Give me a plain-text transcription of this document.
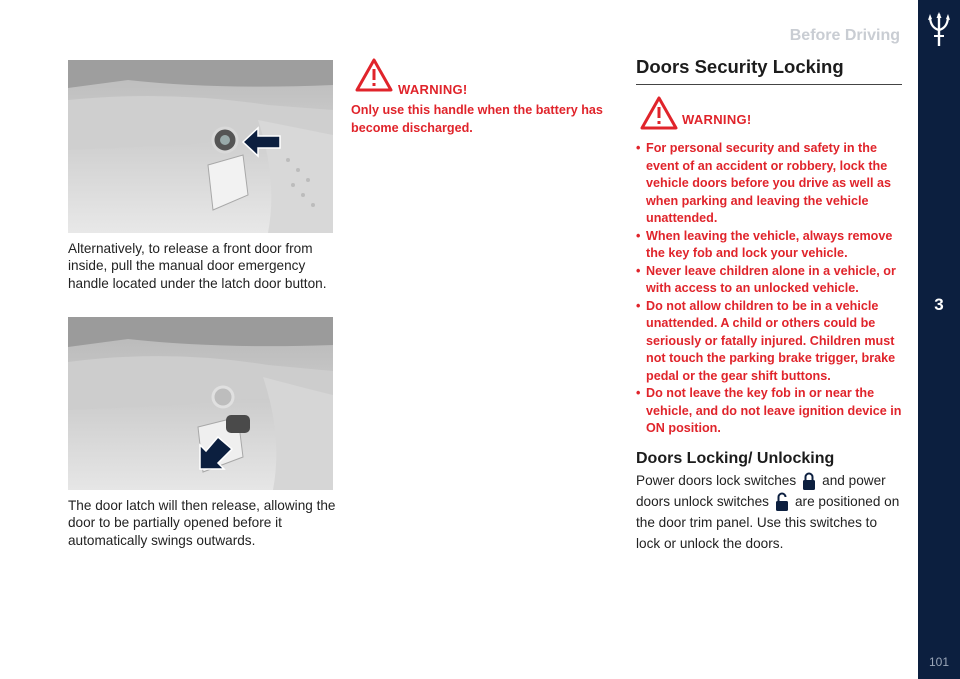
Before Driving
3
101
Alternatively, to release a front door from inside, pull the manual door emergency handle located under the latch door button.
The door latch will then release, allowing the door to be partially opened before it automatically swings outwards.
WARNING!
Only use this handle when the battery has become discharged.
Doors Security Locking
WARNING!
• For personal security and safety in the event of an accident or robbery, lock the vehicle doors before you drive as well as when parking and leaving the vehicle unattended.
• When leaving the vehicle, always remove the key fob and lock your vehicle.
• Never leave children alone in a vehicle, or with access to an unlocked vehicle.
• Do not allow children to be in a vehicle unattended. A child or others could be seriously or fatally injured. Children must not touch the parking brake trigger, brake pedal or the gear shift buttons.
• Do not leave the key fob in or near the vehicle, and do not leave ignition device in ON position.
Doors Locking/ Unlocking
Power doors lock switches and power doors unlock switches are positioned on the door trim panel. Use this switches to lock or unlock the doors.
